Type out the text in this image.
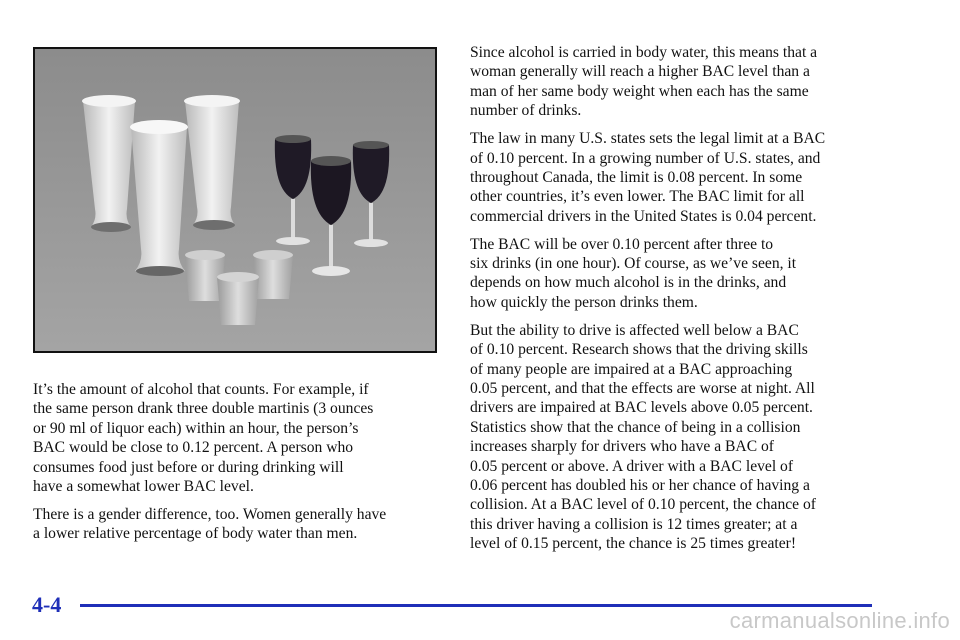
It’s the amount of alcohol that counts. For example, if
the same person drank three double martinis (3 ounces
or 90 ml of liquor each) within an hour, the person’s
BAC would be close to 0.12 percent. A person who
consumes food just before or during drinking will
have a somewhat lower BAC level.

There is a gender difference, too. Women generally have
a lower relative percentage of body water than men.

Since alcohol is carried in body water, this means that a
woman generally will reach a higher BAC level than a
man of her same body weight when each has the same
number of drinks.

The law in many U.S. states sets the legal limit at a BAC
of 0.10 percent. In a growing number of U.S. states, and
throughout Canada, the limit is 0.08 percent. In some
other countries, it’s even lower. The BAC limit for all
commercial drivers in the United States is 0.04 percent.

The BAC will be over 0.10 percent after three to
six drinks (in one hour). Of course, as we’ve seen, it
depends on how much alcohol is in the drinks, and
how quickly the person drinks them.

But the ability to drive is affected well below a BAC
of 0.10 percent. Research shows that the driving skills
of many people are impaired at a BAC approaching
0.05 percent, and that the effects are worse at night. All
drivers are impaired at BAC levels above 0.05 percent.
Statistics show that the chance of being in a collision
increases sharply for drivers who have a BAC of
0.05 percent or above. A driver with a BAC level of
0.06 percent has doubled his or her chance of having a
collision. At a BAC level of 0.10 percent, the chance of
this driver having a collision is 12 times greater; at a
level of 0.15 percent, the chance is 25 times greater!

4-4
carmanualsonline.info
